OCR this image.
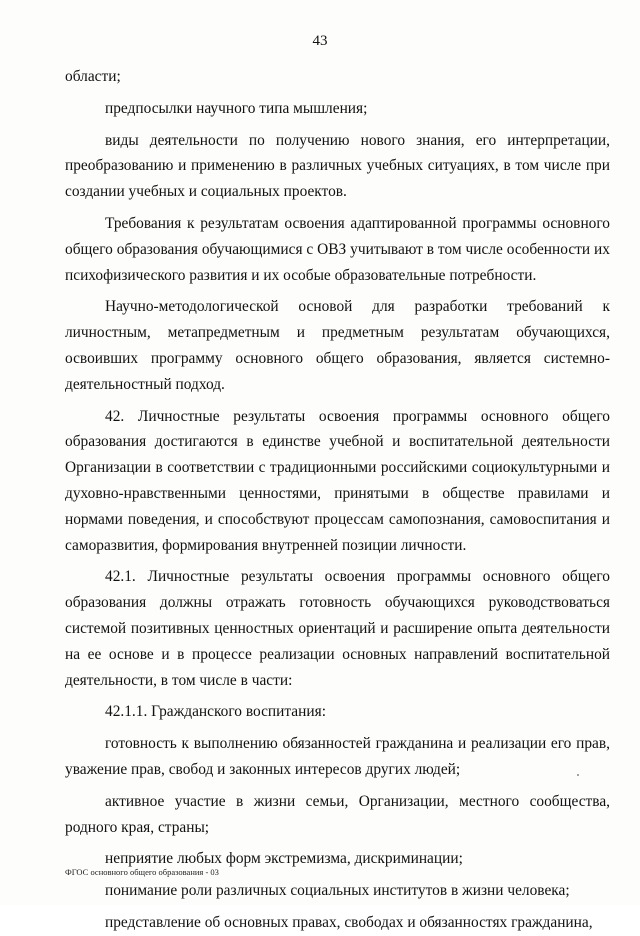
43

области;

предпосылки научного типа мышления;

виды деятельности по получению нового знания, его интерпретации, преобразованию и применению в различных учебных ситуациях, в том числе при создании учебных и социальных проектов.

Требования к результатам освоения адаптированной программы основного общего образования обучающимися с ОВЗ учитывают в том числе особенности их психофизического развития и их особые образовательные потребности.

Научно-методологической основой для разработки требований к личностным, метапредметным и предметным результатам обучающихся, освоивших программу основного общего образования, является системно-деятельностный подход.

42. Личностные результаты освоения программы основного общего образования достигаются в единстве учебной и воспитательной деятельности Организации в соответствии с традиционными российскими социокультурными и духовно-нравственными ценностями, принятыми в обществе правилами и нормами поведения, и способствуют процессам самопознания, самовоспитания и саморазвития, формирования внутренней позиции личности.

42.1. Личностные результаты освоения программы основного общего образования должны отражать готовность обучающихся руководствоваться системой позитивных ценностных ориентаций и расширение опыта деятельности на ее основе и в процессе реализации основных направлений воспитательной деятельности, в том числе в части:

42.1.1. Гражданского воспитания:

готовность к выполнению обязанностей гражданина и реализации его прав, уважение прав, свобод и законных интересов других людей;

активное участие в жизни семьи, Организации, местного сообщества, родного края, страны;

неприятие любых форм экстремизма, дискриминации;

понимание роли различных социальных институтов в жизни человека;

представление об основных правах, свободах и обязанностях гражданина,

ФГОС основного общего образования - 03
